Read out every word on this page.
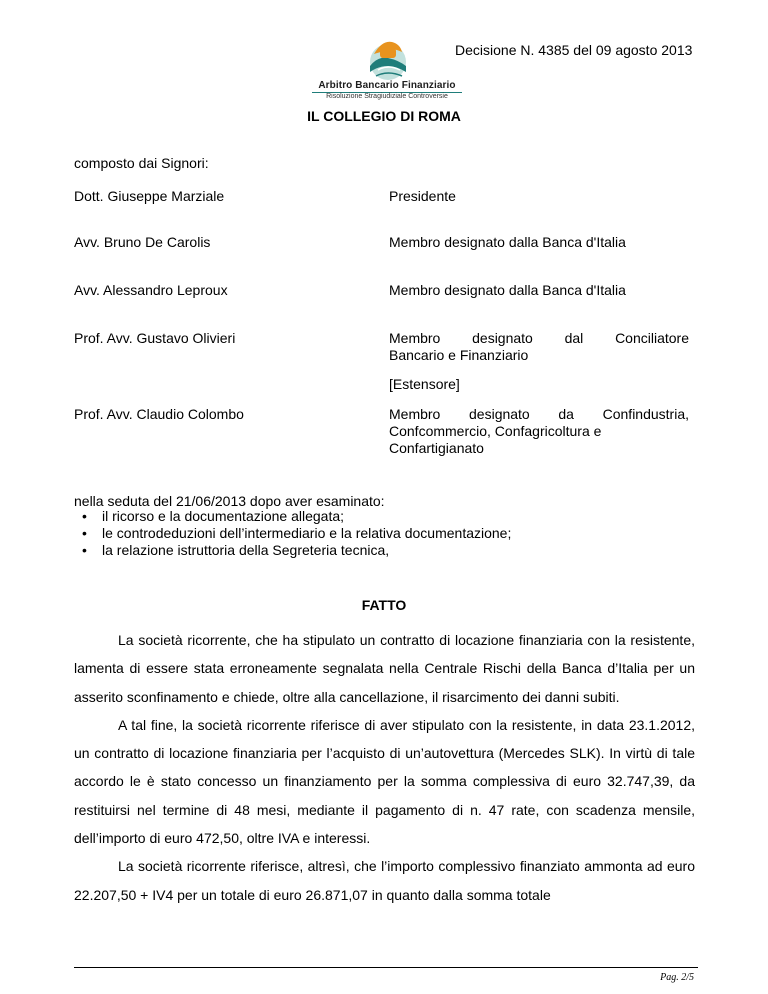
Arbitro Bancario Finanziario
Risoluzione Stragiudiziale Controversie
Decisione N. 4385 del 09 agosto 2013
IL COLLEGIO DI ROMA
composto dai Signori:
Dott. Giuseppe Marziale	Presidente
Avv. Bruno De Carolis	Membro designato dalla Banca d'Italia
Avv. Alessandro Leproux	Membro designato dalla Banca d'Italia
Prof. Avv. Gustavo Olivieri	Membro designato dal Conciliatore
Bancario e Finanziario
[Estensore]
Prof. Avv. Claudio Colombo	Membro designato da Confindustria,
Confcommercio, Confagricoltura e
Confartigianato
nella seduta del 21/06/2013 dopo aver esaminato:
• il ricorso e la documentazione allegata;
• le controdeduzioni dell’intermediario e la relativa documentazione;
• la relazione istruttoria della Segreteria tecnica,
FATTO

La società ricorrente, che ha stipulato un contratto di locazione finanziaria con la resistente, lamenta di essere stata erroneamente segnalata nella Centrale Rischi della Banca d’Italia per un asserito sconfinamento e chiede, oltre alla cancellazione, il risarcimento dei danni subiti.

A tal fine, la società ricorrente riferisce di aver stipulato con la resistente, in data 23.1.2012, un contratto di locazione finanziaria per l’acquisto di un’autovettura (Mercedes SLK). In virtù di tale accordo le è stato concesso un finanziamento per la somma complessiva di euro 32.747,39, da restituirsi nel termine di 48 mesi, mediante il pagamento di n. 47 rate, con scadenza mensile, dell’importo di euro 472,50, oltre IVA e interessi.

La società ricorrente riferisce, altresì, che l’importo complessivo finanziato ammonta ad euro 22.207,50 + IV4 per un totale di euro 26.871,07 in quanto dalla somma totale

Pag. 2/5
